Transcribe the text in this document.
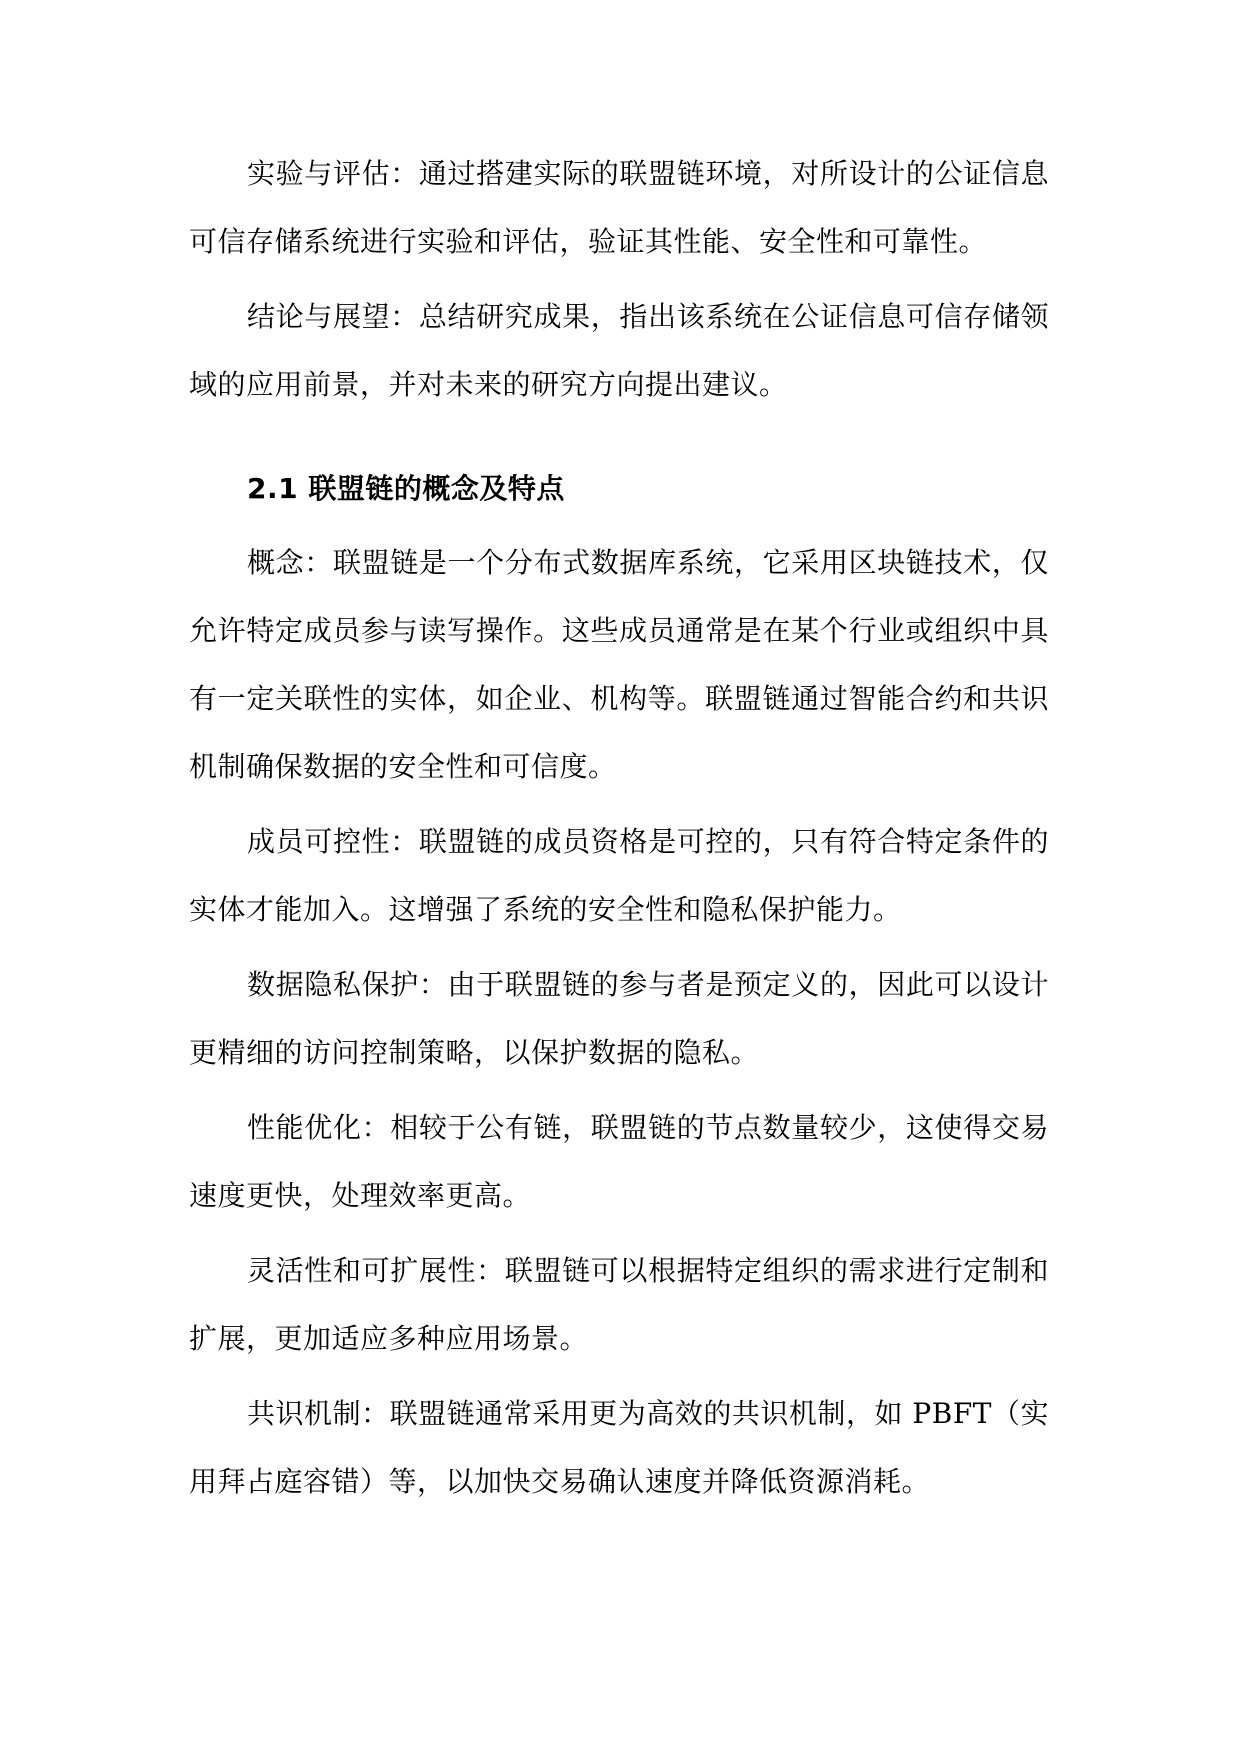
实验与评估：通过搭建实际的联盟链环境，对所设计的公证信息可信存储系统进行实验和评估，验证其性能、安全性和可靠性。

结论与展望：总结研究成果，指出该系统在公证信息可信存储领域的应用前景，并对未来的研究方向提出建议。

2.1 联盟链的概念及特点

概念：联盟链是一个分布式数据库系统，它采用区块链技术，仅允许特定成员参与读写操作。这些成员通常是在某个行业或组织中具有一定关联性的实体，如企业、机构等。联盟链通过智能合约和共识机制确保数据的安全性和可信度。

成员可控性：联盟链的成员资格是可控的，只有符合特定条件的实体才能加入。这增强了系统的安全性和隐私保护能力。

数据隐私保护：由于联盟链的参与者是预定义的，因此可以设计更精细的访问控制策略，以保护数据的隐私。

性能优化：相较于公有链，联盟链的节点数量较少，这使得交易速度更快，处理效率更高。

灵活性和可扩展性：联盟链可以根据特定组织的需求进行定制和扩展，更加适应多种应用场景。

共识机制：联盟链通常采用更为高效的共识机制，如 PBFT（实用拜占庭容错）等，以加快交易确认速度并降低资源消耗。
